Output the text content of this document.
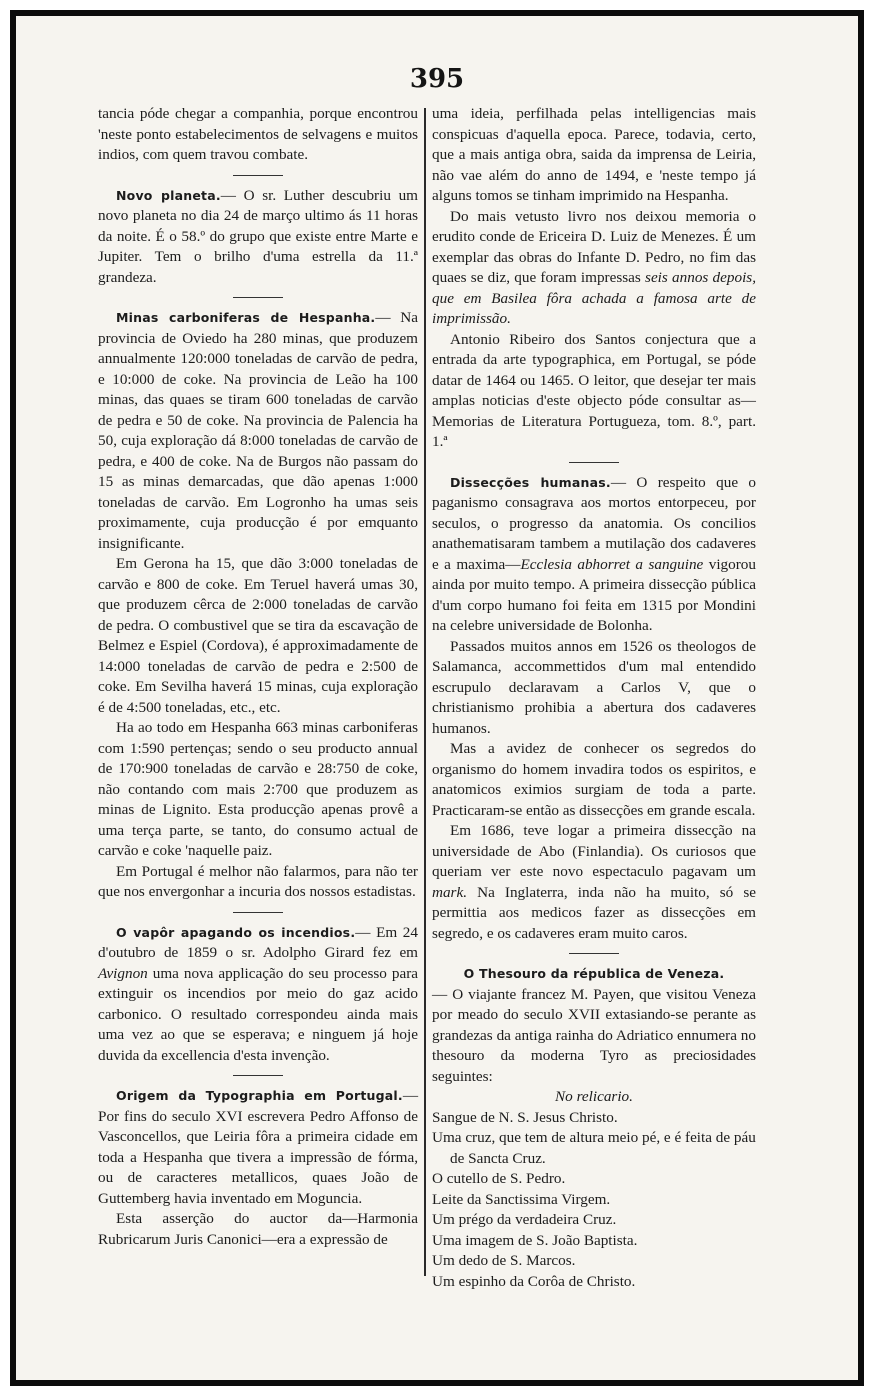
395

tancia póde chegar a companhia, porque encontrou 'neste ponto estabelecimentos de selvagens e muitos indios, com quem travou combate.

Novo planeta.— O sr. Luther descubriu um novo planeta no dia 24 de março ultimo ás 11 horas da noite. É o 58.º do grupo que existe entre Marte e Jupiter. Tem o brilho d'uma estrella da 11.ª grandeza.

Minas carboniferas de Hespanha.— Na provincia de Oviedo ha 280 minas, que produzem annualmente 120:000 toneladas de carvão de pedra, e 10:000 de coke. Na provincia de Leão ha 100 minas, das quaes se tiram 600 toneladas de carvão de pedra e 50 de coke. Na provincia de Palencia ha 50, cuja exploração dá 8:000 toneladas de carvão de pedra, e 400 de coke. Na de Burgos não passam do 15 as minas demarcadas, que dão apenas 1:000 toneladas de carvão. Em Logronho ha umas seis proximamente, cuja producção é por emquanto insignificante.

Em Gerona ha 15, que dão 3:000 toneladas de carvão e 800 de coke. Em Teruel haverá umas 30, que produzem cêrca de 2:000 toneladas de carvão de pedra. O combustivel que se tira da escavação de Belmez e Espiel (Cordova), é approximadamente de 14:000 toneladas de carvão de pedra e 2:500 de coke. Em Sevilha haverá 15 minas, cuja exploração é de 4:500 toneladas, etc., etc.

Ha ao todo em Hespanha 663 minas carboniferas com 1:590 pertenças; sendo o seu producto annual de 170:900 toneladas de carvão e 28:750 de coke, não contando com mais 2:700 que produzem as minas de Lignito. Esta producção apenas provê a uma terça parte, se tanto, do consumo actual de carvão e coke 'naquelle paiz.

Em Portugal é melhor não falarmos, para não ter que nos envergonhar a incuria dos nossos estadistas.

O vapôr apagando os incendios.— Em 24 d'outubro de 1859 o sr. Adolpho Girard fez em Avignon uma nova applicação do seu processo para extinguir os incendios por meio do gaz acido carbonico. O resultado correspondeu ainda mais uma vez ao que se esperava; e ninguem já hoje duvida da excellencia d'esta invenção.

Origem da Typographia em Portugal.—Por fins do seculo XVI escrevera Pedro Affonso de Vasconcellos, que Leiria fôra a primeira cidade em toda a Hespanha que tivera a impressão de fórma, ou de caracteres metallicos, quaes João de Guttemberg havia inventado em Moguncia.

Esta asserção do auctor da—Harmonia Rubricarum Juris Canonici—era a expressão de

uma ideia, perfilhada pelas intelligencias mais conspicuas d'aquella epoca. Parece, todavia, certo, que a mais antiga obra, saida da imprensa de Leiria, não vae além do anno de 1494, e 'neste tempo já alguns tomos se tinham imprimido na Hespanha.

Do mais vetusto livro nos deixou memoria o erudito conde de Ericeira D. Luiz de Menezes. É um exemplar das obras do Infante D. Pedro, no fim das quaes se diz, que foram impressas seis annos depois, que em Basilea fôra achada a famosa arte de imprimissão.

Antonio Ribeiro dos Santos conjectura que a entrada da arte typographica, em Portugal, se póde datar de 1464 ou 1465. O leitor, que desejar ter mais amplas noticias d'este objecto póde consultar as—Memorias de Literatura Portugueza, tom. 8.º, part. 1.ª

Dissecções humanas.— O respeito que o paganismo consagrava aos mortos entorpeceu, por seculos, o progresso da anatomia. Os concilios anathematisaram tambem a mutilação dos cadaveres e a maxima—Ecclesia abhorret a sanguine vigorou ainda por muito tempo. A primeira dissecção pública d'um corpo humano foi feita em 1315 por Mondini na celebre universidade de Bolonha.

Passados muitos annos em 1526 os theologos de Salamanca, accommettidos d'um mal entendido escrupulo declaravam a Carlos V, que o christianismo prohibia a abertura dos cadaveres humanos.

Mas a avidez de conhecer os segredos do organismo do homem invadira todos os espiritos, e anatomicos eximios surgiam de toda a parte. Practicaram-se então as dissecções em grande escala.

Em 1686, teve logar a primeira dissecção na universidade de Abo (Finlandia). Os curiosos que queriam ver este novo espectaculo pagavam um mark. Na Inglaterra, inda não ha muito, só se permittia aos medicos fazer as dissecções em segredo, e os cadaveres eram muito caros.

O Thesouro da républica de Veneza.

— O viajante francez M. Payen, que visitou Veneza por meado do seculo XVII extasiando-se perante as grandezas da antiga rainha do Adriatico ennumera no thesouro da moderna Tyro as preciosidades seguintes:

No relicario.

Sangue de N. S. Jesus Christo.

Uma cruz, que tem de altura meio pé, e é feita de páu de Sancta Cruz.

O cutello de S. Pedro.

Leite da Sanctissima Virgem.

Um prégo da verdadeira Cruz.

Uma imagem de S. João Baptista.

Um dedo de S. Marcos.

Um espinho da Corôa de Christo.
